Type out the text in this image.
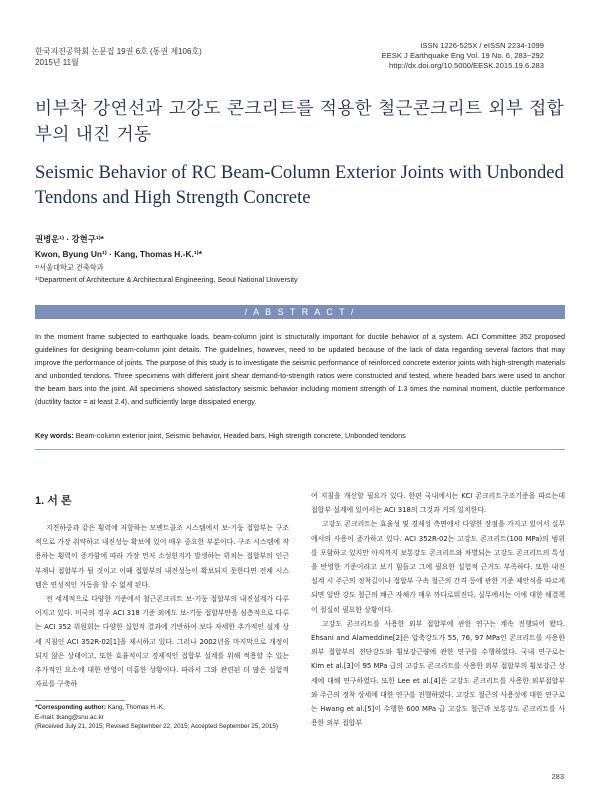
한국지진공학회 논문집 19권 6호 (통권 제106호)
2015년 11월
ISSN 1226-525X / eISSN 2234-1099
EESK J Earthquake Eng Vol. 19 No. 6, 283~292
http://dx.doi.org/10.5000/EESK.2015.19.6.283
비부착 강연선과 고강도 콘크리트를 적용한 철근콘크리트 외부 접합부의 내진 거동
Seismic Behavior of RC Beam-Column Exterior Joints with Unbonded Tendons and High Strength Concrete
권병운¹⁾ · 강현구¹⁾*
Kwon, Byung Un¹⁾ · Kang, Thomas H.-K.¹⁾*
¹⁾서울대학교 건축학과
¹⁾Department of Architecture & Architectural Engineering, Seoul National University
/ A B S T R A C T /
In the moment frame subjected to earthquake loads, beam-column joint is structurally important for ductile behavior of a system. ACI Committee 352 proposed guidelines for designing beam-column joint details. The guidelines, however, need to be updated because of the lack of data regarding several factors that may improve the performance of joints. The purpose of this study is to investigate the seismic performance of reinforced concrete exterior joints with high-strength materials and unbonded tendons. Three specimens with different joint shear demand-to-strength ratios were constructed and tested, where headed bars were used to anchor the beam bars into the joint. All specimens showed satisfactory seismic behavior including moment strength of 1.3 times the nominal moment, ductile performance (ductility factor = at least 2.4), and sufficiently large dissipated energy.
Key words: Beam-column exterior joint, Seismic behavior, Headed bars, High strength concrete, Unbonded tendons
1. 서 론

지진하중과 같은 횡력에 저항하는 모멘트골조 시스템에서 보-기둥 접합부는 구조적으로 가장 취약하고 내진성능 확보에 있어 매우 중요한 부분이다. 구조 시스템에 작용하는 횡력이 증가함에 따라 가장 먼저 소성힌지가 발생하는 위치는 접합부의 인근 부재나 접합부가 될 것이고 이때 접합부의 내진성능이 확보되지 못한다면 전체 시스템은 연성적인 거동을 할 수 없게 된다.

전 세계적으로 다양한 기준에서 철근콘크리트 보-기둥 접합부의 내진설계가 다루어지고 있다. 미국의 경우 ACI 318 기준 외에도 보-기둥 접합부만을 심층적으로 다루는 ACI 352 위원회는 다양한 실험적 결과에 기반하여 보다 자세한 추가적인 설계 상세 지침인 ACI 352R-02[1]을 제시하고 있다. 그러나 2002년을 마지막으로 개정이 되지 않은 상태이고, 또한 효율적이고 경제적인 접합부 설계를 위해 적용할 수 있는 추가적인 요소에 대한 반영이 미흡한 상황이다. 따라서 그와 관련된 더 많은 실험적 자료를 구축하

여 지침을 개선할 필요가 있다. 한편 국내에서는 KCI 콘크리트구조기준을 따르는데 접합부 설계에 있어서는 ACI 318의 그것과 거의 일치한다.

고강도 콘크리트는 효율성 및 경제성 측면에서 다양한 장점을 가지고 있어서 실무에서의 사용이 증가하고 있다. ACI 352R-02는 고강도 콘크리트(100 MPa)의 범위를 포함하고 있지만 아직까지 보통강도 콘크리트와 차별되는 고강도 콘크리트의 특성을 반영한 기준이라고 보기 힘들고 그에 필요한 실험적 근거도 부족하다. 또한 내진 설계 시 주근의 정착길이나 접합부 구속 철근의 간격 등에 관한 기준 제안식을 따르게 되면 일반 강도 철근의 배근 자체가 매우 까다로워진다. 실무에서는 이에 대한 해결책이 절실히 필요한 상황이다.

고강도 콘크리트를 사용한 외부 접합부에 관한 연구는 계속 진행되어 왔다. Ehsani and Alameddine[2]은 압축강도가 55, 76, 97 MPa인 콘크리트를 사용한 외부 접합부의 전단강도와 횡보강근량에 관한 연구를 수행하였다. 국내 연구로는 Kim et al.[3]이 95 MPa 급의 고강도 콘크리트를 사용한 외부 접합부의 횡보강근 상세에 대해 연구하였다. 또한 Lee et al.[4]은 고강도 콘크리트를 사용한 외부접합부와 주근의 정착 상세에 대한 연구를 진행하였다. 고강도 철근의 사용성에 대한 연구로는 Hwang et al.[5]이 수행한 600 MPa 급 고강도 철근과 보통강도 콘크리트를 사용한 외부 접합부

*Corresponding author: Kang, Thomas H.-K.
E-mail: tkang@snu.ac.kr
(Received July 21, 2015; Revised September 22, 2015; Accepted September 25, 2015)
283
